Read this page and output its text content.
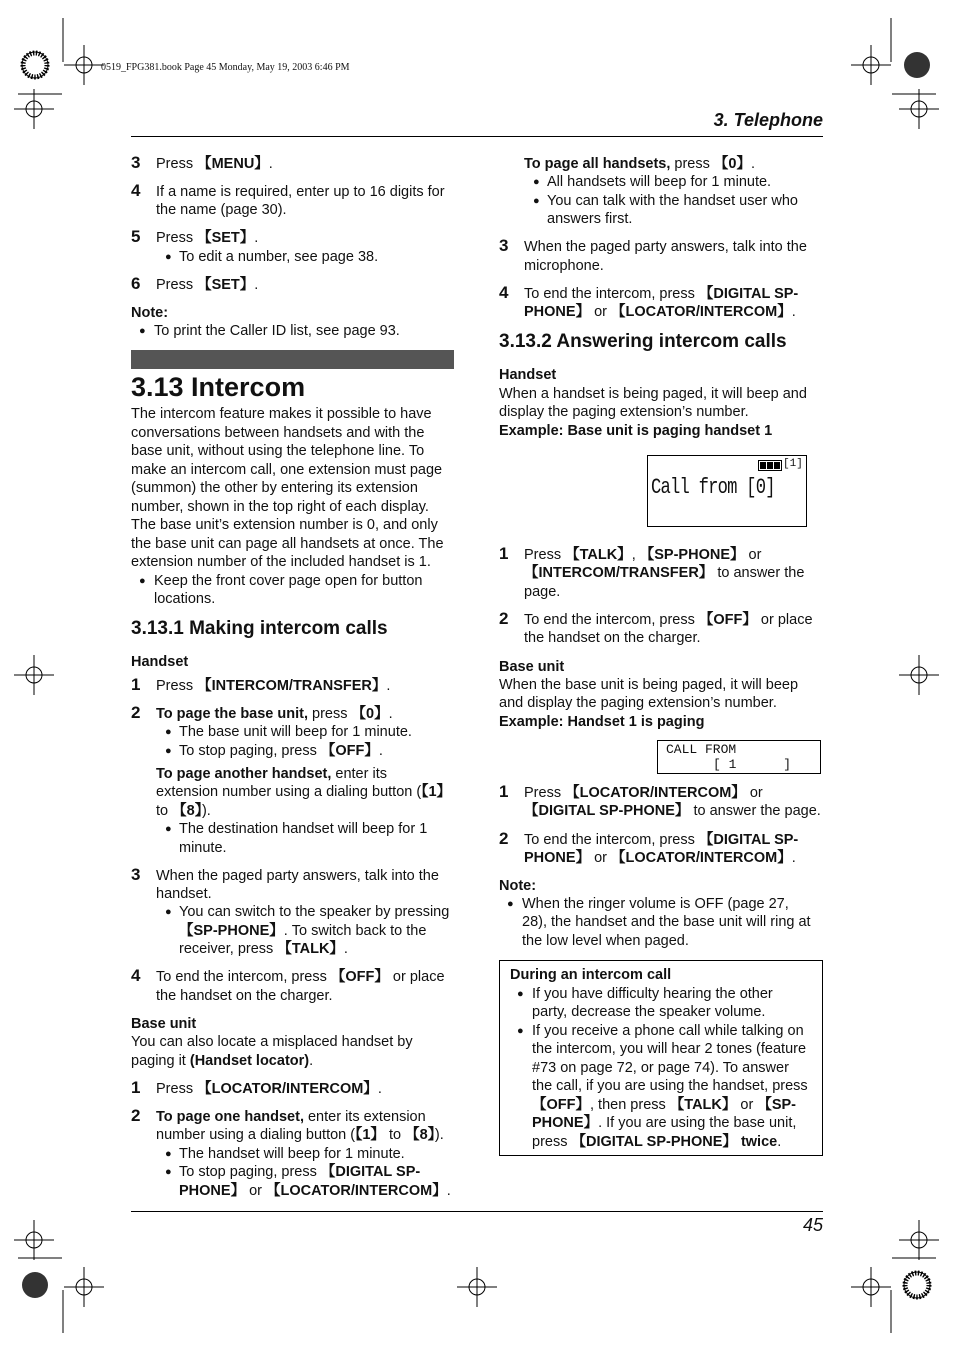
0519_FPG381.book Page 45 Monday, May 19, 2003 6:46 PM
3. Telephone
3 Press 【MENU】.
4 If a name is required, enter up to 16 digits for
the name (page 30).
5 Press 【SET】.
● To edit a number, see page 38.
6 Press 【SET】.
Note:
● To print the Caller ID list, see page 93.
3.13 Intercom
The intercom feature makes it possible to have
conversations between handsets and with the
base unit, without using the telephone line. To
make an intercom call, one extension must page
(summon) the other by entering its extension
number, shown in the top right of each display.
The base unit’s extension number is 0, and only
the base unit can page all handsets at once. The
extension number of the included handset is 1.
● Keep the front cover page open for button
locations.
3.13.1 Making intercom calls
Handset
1 Press 【INTERCOM/TRANSFER】.
2 To page the base unit, press 【0】.
● The base unit will beep for 1 minute.
● To stop paging, press 【OFF】.
To page another handset, enter its
extension number using a dialing button (【1】
to 【8】).
● The destination handset will beep for 1
minute.
3 When the paged party answers, talk into the
handset.
● You can switch to the speaker by pressing
【SP-PHONE】. To switch back to the
receiver, press 【TALK】.
4 To end the intercom, press 【OFF】 or place
the handset on the charger.
Base unit
You can also locate a misplaced handset by
paging it (Handset locator).
1 Press 【LOCATOR/INTERCOM】.
2 To page one handset, enter its extension
number using a dialing button (【1】 to 【8】).
● The handset will beep for 1 minute.
● To stop paging, press 【DIGITAL SP-
PHONE】 or 【LOCATOR/INTERCOM】.
To page all handsets, press 【0】.
● All handsets will beep for 1 minute.
● You can talk with the handset user who
answers first.
3 When the paged party answers, talk into the
microphone.
4 To end the intercom, press 【DIGITAL SP-
PHONE】 or 【LOCATOR/INTERCOM】.
3.13.2 Answering intercom calls
Handset
When a handset is being paged, it will beep and
display the paging extension’s number.
Example: Base unit is paging handset 1
[1]
Call from [0]
1 Press 【TALK】, 【SP-PHONE】 or
【INTERCOM/TRANSFER】 to answer the
page.
2 To end the intercom, press 【OFF】 or place
the handset on the charger.
Base unit
When the base unit is being paged, it will beep
and display the paging extension’s number.
Example: Handset 1 is paging
CALL FROM
[ 1      ]
1 Press 【LOCATOR/INTERCOM】 or
【DIGITAL SP-PHONE】 to answer the page.
2 To end the intercom, press 【DIGITAL SP-
PHONE】 or 【LOCATOR/INTERCOM】.
Note:
● When the ringer volume is OFF (page 27,
28), the handset and the base unit will ring at
the low level when paged.
During an intercom call
● If you have difficulty hearing the other
party, decrease the speaker volume.
● If you receive a phone call while talking on
the intercom, you will hear 2 tones (feature
#73 on page 72, or page 74). To answer
the call, if you are using the handset, press
【OFF】, then press 【TALK】 or 【SP-
PHONE】. If you are using the base unit,
press 【DIGITAL SP-PHONE】 twice.
45
